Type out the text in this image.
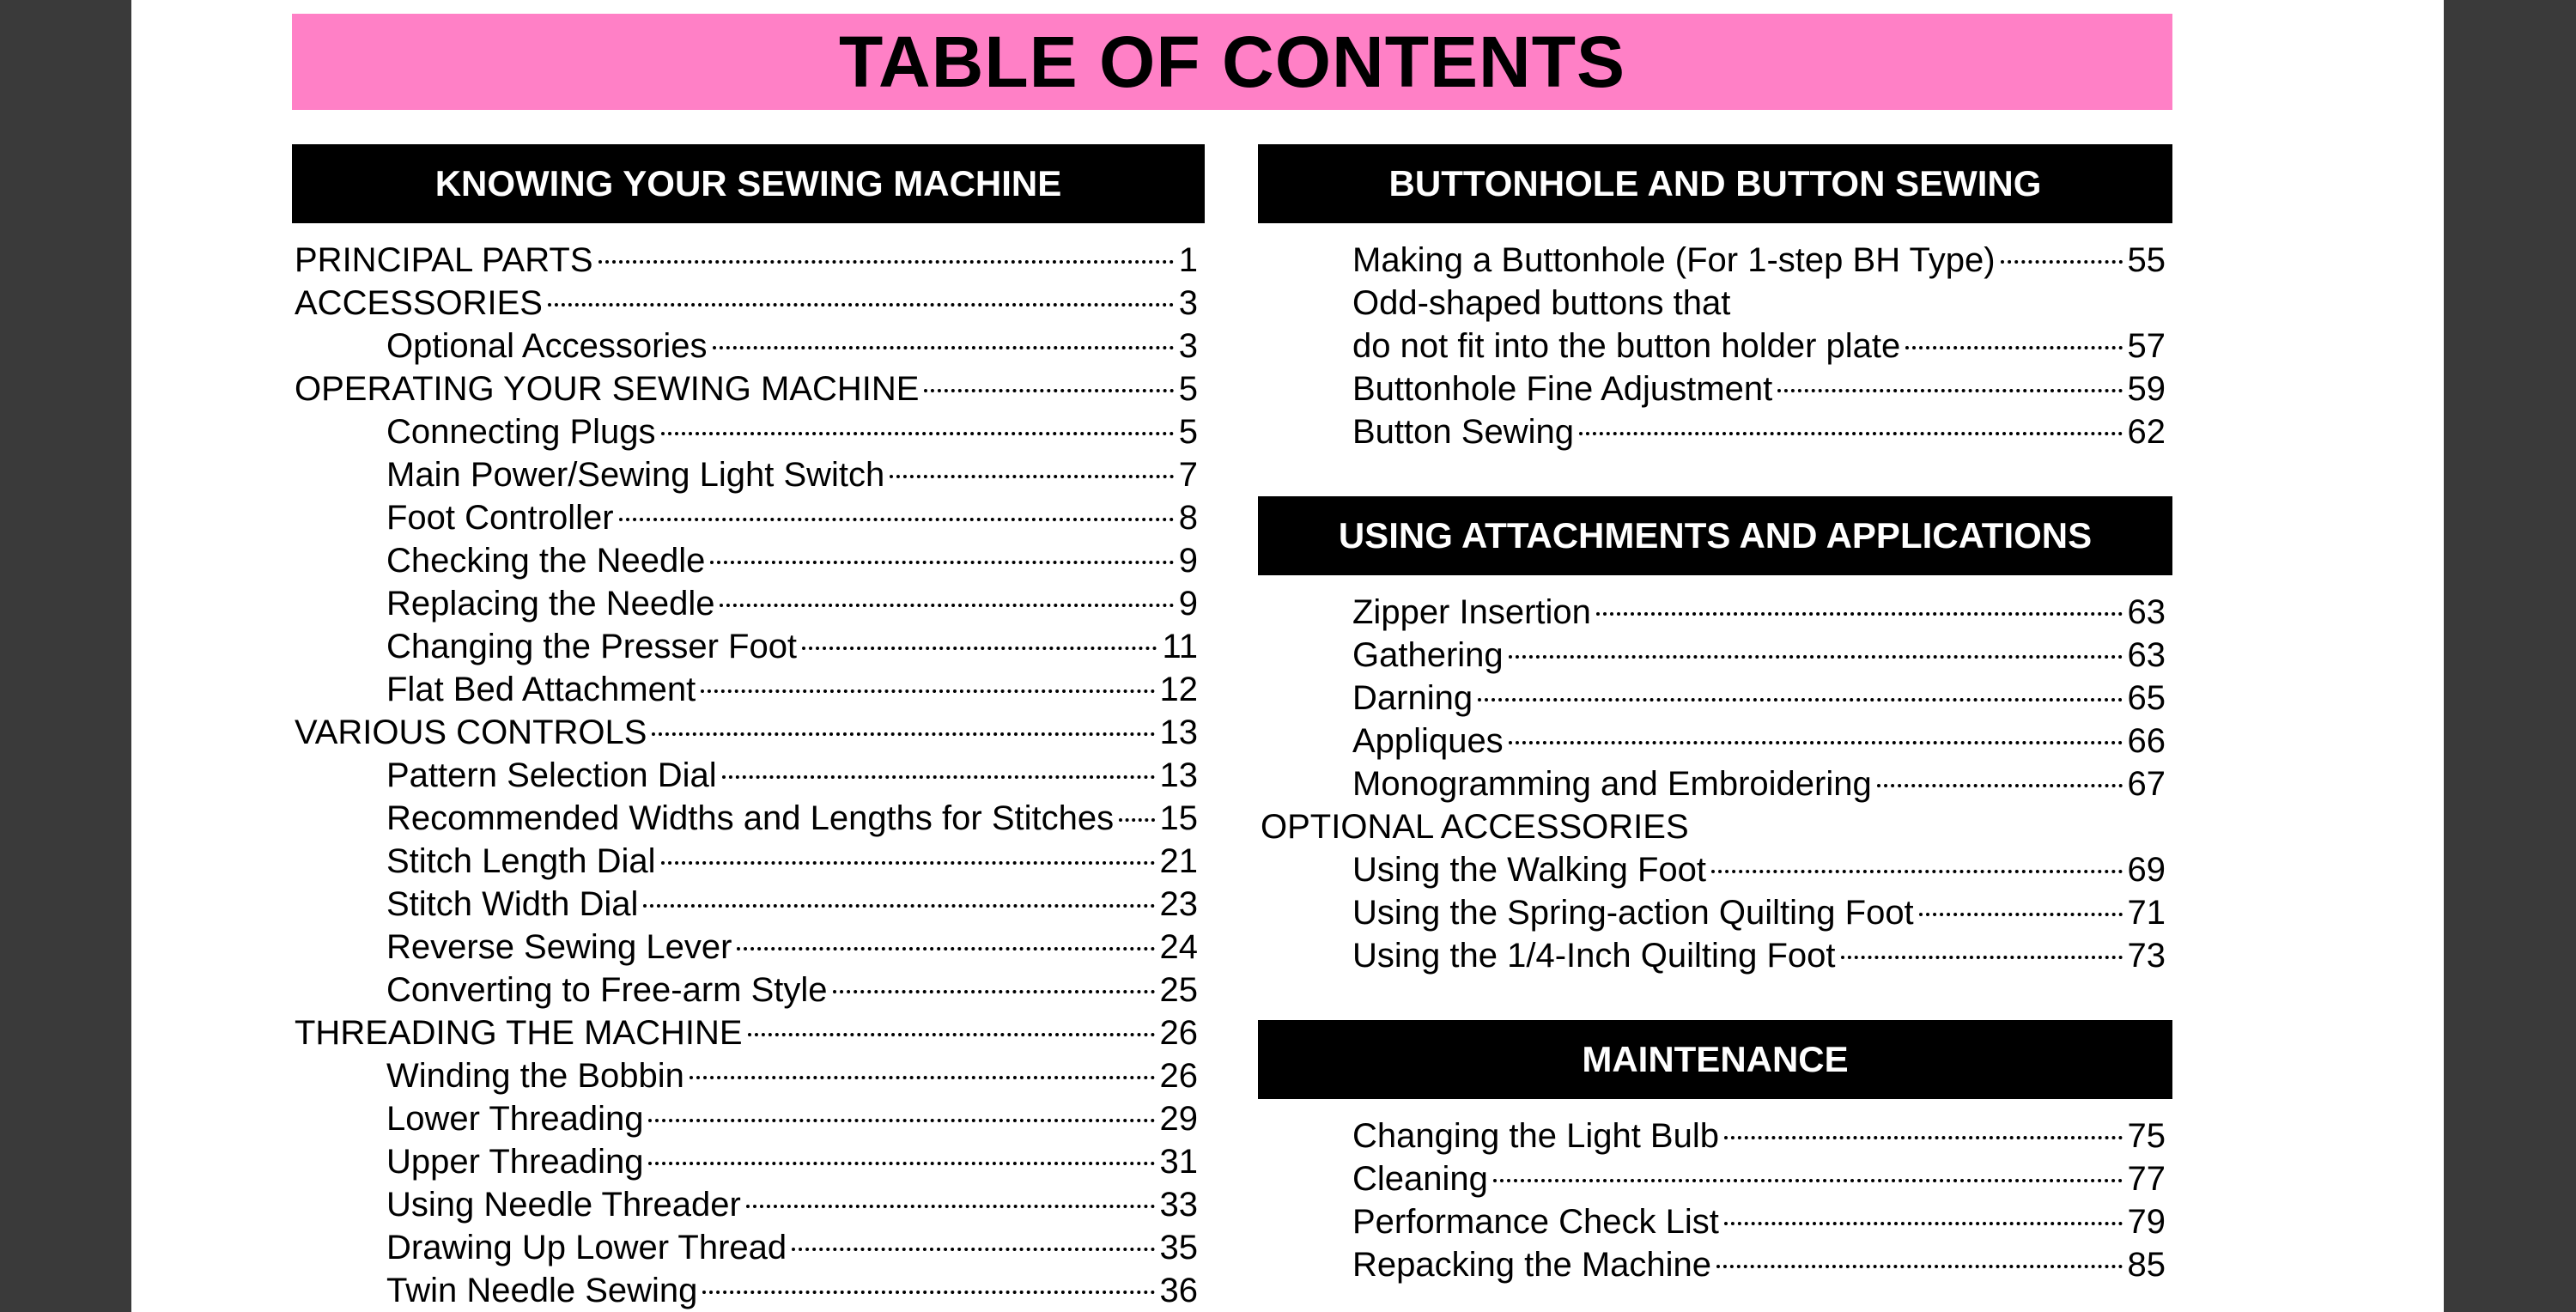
TABLE OF CONTENTS
KNOWING YOUR SEWING MACHINE
PRINCIPAL PARTS	1
ACCESSORIES	3
Optional Accessories	3
OPERATING YOUR SEWING MACHINE	5
Connecting Plugs	5
Main Power/Sewing Light Switch	7
Foot Controller	8
Checking the Needle	9
Replacing the Needle	9
Changing the Presser Foot	11
Flat Bed Attachment	12
VARIOUS CONTROLS	13
Pattern Selection Dial	13
Recommended Widths and Lengths for Stitches 15
Stitch Length Dial	21
Stitch Width Dial	23
Reverse Sewing Lever	24
Converting to Free-arm Style	25
THREADING THE MACHINE	26
Winding the Bobbin	26
Lower Threading	29
Upper Threading	31
Using Needle Threader	33
Drawing Up Lower Thread	35
Twin Needle Sewing	36
BUTTONHOLE AND BUTTON SEWING
Making a Buttonhole (For 1-step BH Type)	55
Odd-shaped buttons that
do not fit into the button holder plate	57
Buttonhole Fine Adjustment	59
Button Sewing	62
USING ATTACHMENTS AND APPLICATIONS
Zipper Insertion	63
Gathering	63
Darning	65
Appliques	66
Monogramming and Embroidering	67
OPTIONAL ACCESSORIES
Using the Walking Foot	69
Using the Spring-action Quilting Foot	71
Using the 1/4-Inch Quilting Foot	73
MAINTENANCE
Changing the Light Bulb	75
Cleaning	77
Performance Check List	79
Repacking the Machine	85
